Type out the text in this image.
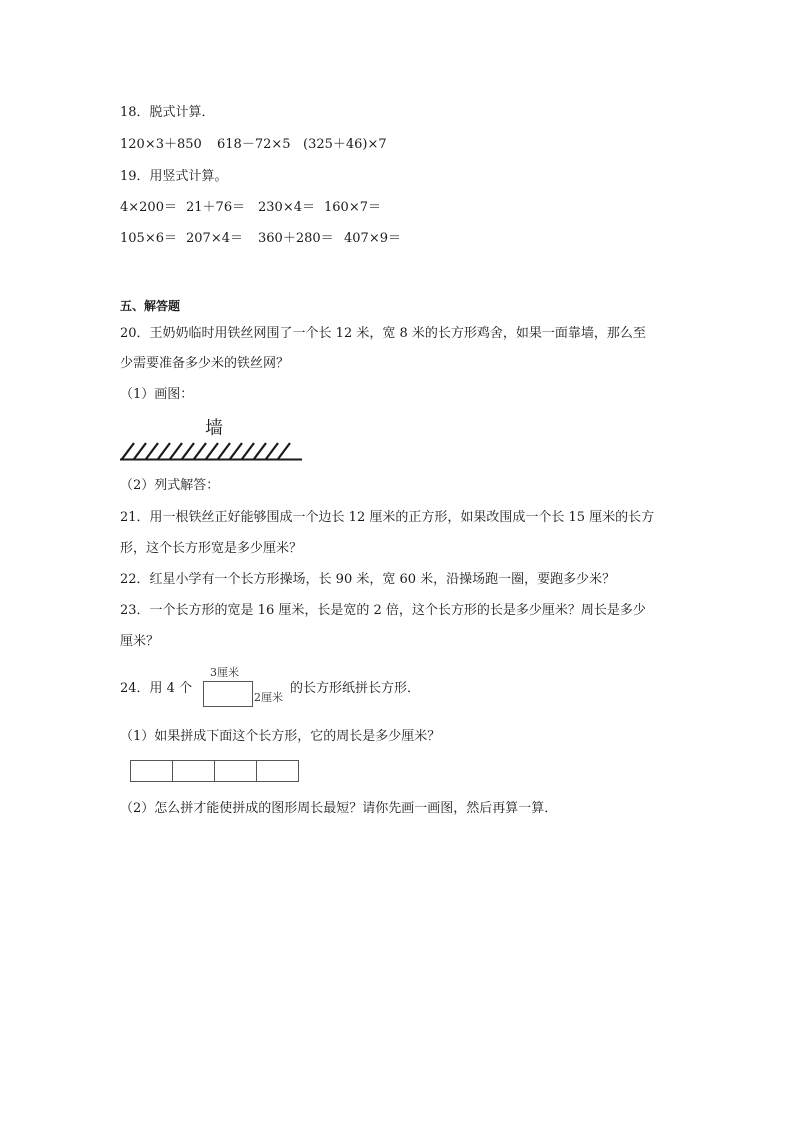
18．脱式计算．
120×3＋850 618－72×5 (325＋46)×7
19．用竖式计算。
4×200＝ 21＋76＝ 230×4＝ 160×7＝
105×6＝ 207×4＝ 360＋280＝ 407×9＝
五、解答题
20．王奶奶临时用铁丝网围了一个长 12 米，宽 8 米的长方形鸡舍，如果一面靠墙，那么至
少需要准备多少米的铁丝网？
（1）画图：
墙
（2）列式解答：
21．用一根铁丝正好能够围成一个边长 12 厘米的正方形，如果改围成一个长 15 厘米的长方
形，这个长方形宽是多少厘米？
22．红星小学有一个长方形操场，长 90 米，宽 60 米，沿操场跑一圈，要跑多少米？
23．一个长方形的宽是 16 厘米，长是宽的 2 倍，这个长方形的长是多少厘米？周长是多少
厘米？
24．用 4 个
3厘米
2厘米
的长方形纸拼长方形．
（1）如果拼成下面这个长方形，它的周长是多少厘米？
（2）怎么拼才能使拼成的图形周长最短？请你先画一画图，然后再算一算．
